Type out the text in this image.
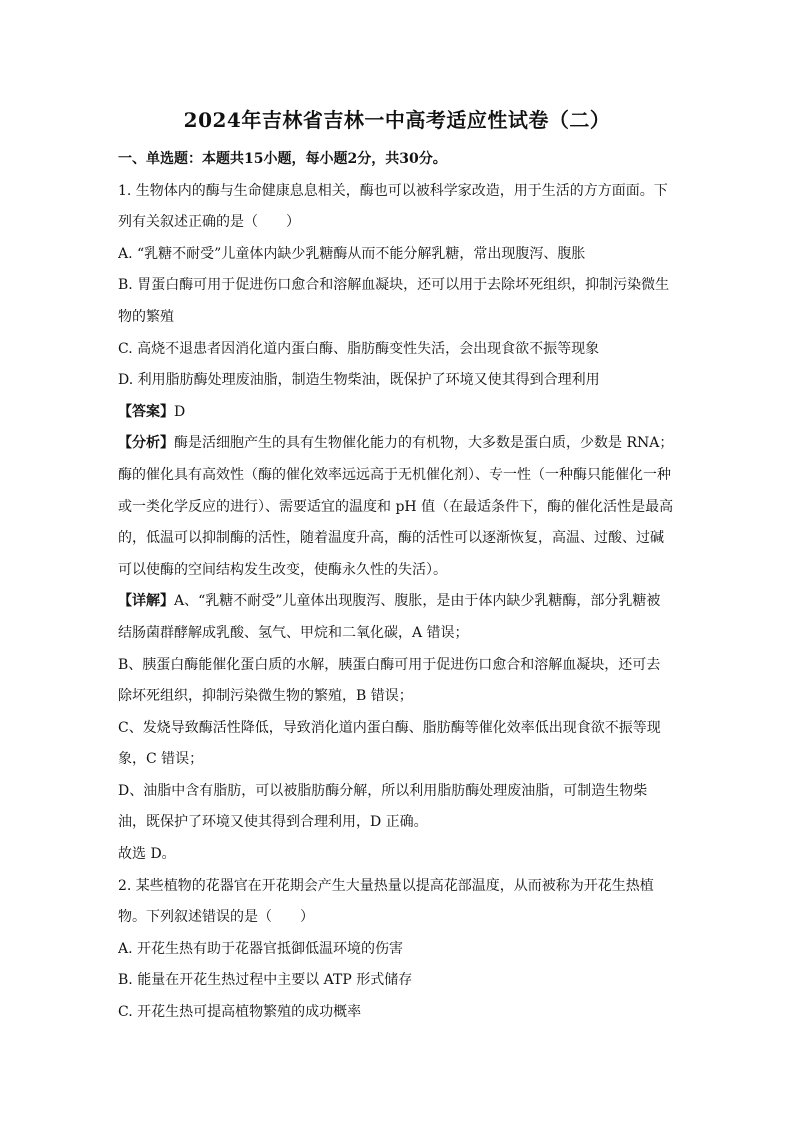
2024年吉林省吉林一中高考适应性试卷（二）
一、单选题：本题共15小题，每小题2分，共30分。
1. 生物体内的酶与生命健康息息相关，酶也可以被科学家改造，用于生活的方方面面。下
列有关叙述正确的是（　　）
A. “乳糖不耐受”儿童体内缺少乳糖酶从而不能分解乳糖，常出现腹泻、腹胀
B. 胃蛋白酶可用于促进伤口愈合和溶解血凝块，还可以用于去除坏死组织，抑制污染微生
物的繁殖
C. 高烧不退患者因消化道内蛋白酶、脂肪酶变性失活，会出现食欲不振等现象
D. 利用脂肪酶处理废油脂，制造生物柴油，既保护了环境又使其得到合理利用
【答案】D
【分析】酶是活细胞产生的具有生物催化能力的有机物，大多数是蛋白质，少数是 RNA；
酶的催化具有高效性（酶的催化效率远远高于无机催化剂）、专一性（一种酶只能催化一种
或一类化学反应的进行）、需要适宜的温度和 pH 值（在最适条件下，酶的催化活性是最高
的，低温可以抑制酶的活性，随着温度升高，酶的活性可以逐渐恢复，高温、过酸、过碱
可以使酶的空间结构发生改变，使酶永久性的失活）。
【详解】A、“乳糖不耐受”儿童体出现腹泻、腹胀，是由于体内缺少乳糖酶，部分乳糖被
结肠菌群酵解成乳酸、氢气、甲烷和二氧化碳，A 错误；
B、胰蛋白酶能催化蛋白质的水解，胰蛋白酶可用于促进伤口愈合和溶解血凝块，还可去
除坏死组织，抑制污染微生物的繁殖，B 错误；
C、发烧导致酶活性降低，导致消化道内蛋白酶、脂肪酶等催化效率低出现食欲不振等现
象，C 错误；
D、油脂中含有脂肪，可以被脂肪酶分解，所以利用脂肪酶处理废油脂，可制造生物柴
油，既保护了环境又使其得到合理利用，D 正确。
故选 D。
2. 某些植物的花器官在开花期会产生大量热量以提高花部温度，从而被称为开花生热植
物。下列叙述错误的是（　　）
A. 开花生热有助于花器官抵御低温环境的伤害
B. 能量在开花生热过程中主要以 ATP 形式储存
C. 开花生热可提高植物繁殖的成功概率
